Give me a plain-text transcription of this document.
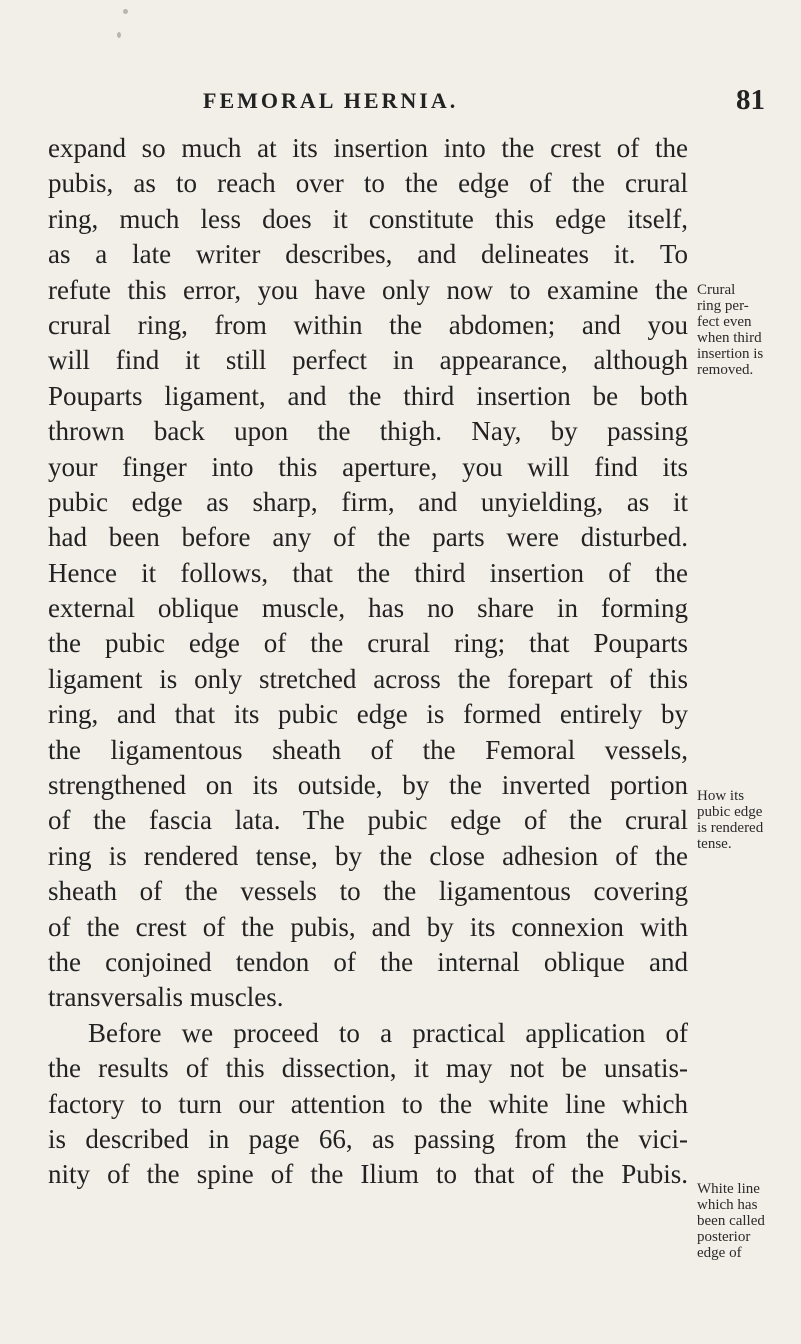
FEMORAL HERNIA.	81
expand so much at its insertion into the crest of the
pubis, as to reach over to the edge of the crural
ring, much less does it constitute this edge itself,
as a late writer describes, and delineates it. To
refute this error, you have only now to examine the
crural ring, from within the abdomen; and you
will find it still perfect in appearance, although
Pouparts ligament, and the third insertion be both
thrown back upon the thigh. Nay, by passing
your finger into this aperture, you will find its
pubic edge as sharp, firm, and unyielding, as it
had been before any of the parts were disturbed.
Hence it follows, that the third insertion of the
external oblique muscle, has no share in forming
the pubic edge of the crural ring; that Pouparts
ligament is only stretched across the forepart of this
ring, and that its pubic edge is formed entirely by
the ligamentous sheath of the Femoral vessels,
strengthened on its outside, by the inverted portion
of the fascia lata. The pubic edge of the crural
ring is rendered tense, by the close adhesion of the
sheath of the vessels to the ligamentous covering
of the crest of the pubis, and by its connexion with
the conjoined tendon of the internal oblique and
transversalis muscles.
Before we proceed to a practical application of
the results of this dissection, it may not be unsatis-
factory to turn our attention to the white line which
is described in page 66, as passing from the vici-
nity of the spine of the Ilium to that of the Pubis.
Crural
ring per-
fect even
when third
insertion is
removed.
How its
pubic edge
is rendered
tense.
White line
which has
been called
posterior
edge of
